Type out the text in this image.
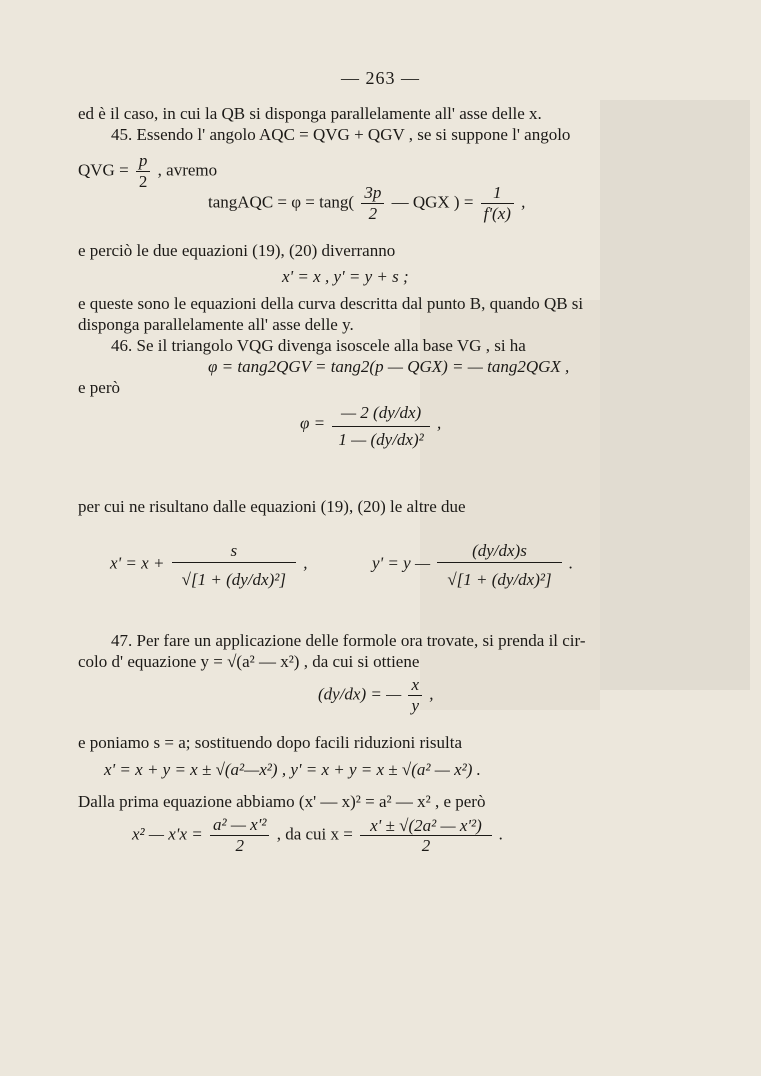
— 263 —
ed è il caso, in cui la QB si disponga parallelamente all' asse delle x.
45. Essendo l' angolo AQC = QVG + QGV , se si suppone l' angolo
QVG = $\frac{p}{2}$ , avremo
tangAQC = $\varphi = \tan g( \frac{3p}{2}$ — QGX ) = $\frac{1}{f'(x)}$ ,
e perciò le due equazioni (19), (20) diverranno
x' = x , y' = y + s ;
e queste sono le equazioni della curva descritta dal punto B, quando QB si
disponga parallelamente all' asse delle y.
46. Se il triangolo VQG divenga isoscele alla base VG , si ha
φ = tang2QGV = tang2(p — QGX) = — tang2QGX ,
e però
$\varphi = \frac{— 2 (dy/dx)}{\text{1 — (dy/dx)²}}$ ,
per cui ne risultano dalle equazioni (19), (20) le altre due
$x' = x + \frac{s}{\text{√[1 + (dy/dx)²]}}$ ,	y' = y — $\frac{(dy/dx)s}{\text{√[1 + (dy/dx)²]}}$ .
47. Per fare un applicazione delle formole ora trovate, si prenda il cir-
colo d' equazione y = √(a² — x²) , da cui si ottiene
(dy/dx) = — $\frac{x}{y}$ ,
e poniamo s = a; sostituendo dopo facili riduzioni risulta
x' = x + y = x ± √(a²—x²) , y' = x + y = x ± √(a² — x²) .
Dalla prima equazione abbiamo (x' — x)² = a² — x² , e però
x² — $x'x = \frac{\text{a² — x'²}}{2}$ , da cui $x = \frac{\text{x' ± √(2a² — x'²)}}{2}$ .
